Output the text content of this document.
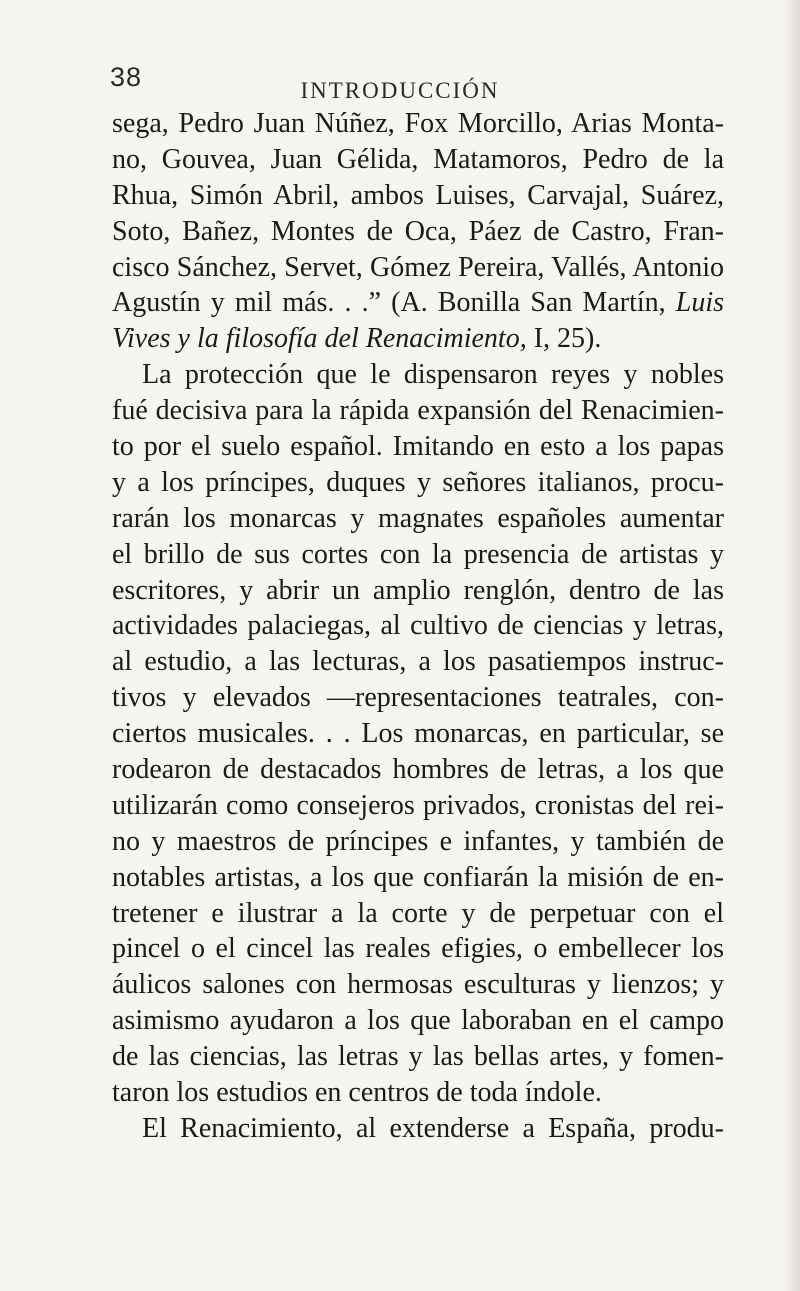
38	INTRODUCCIÓN
sega, Pedro Juan Núñez, Fox Morcillo, Arias Monta-
no, Gouvea, Juan Gélida, Matamoros, Pedro de la
Rhua, Simón Abril, ambos Luises, Carvajal, Suárez,
Soto, Bañez, Montes de Oca, Páez de Castro, Fran-
cisco Sánchez, Servet, Gómez Pereira, Vallés, Antonio
Agustín y mil más. . .” (A. Bonilla San Martín, Luis
Vives y la filosofía del Renacimiento, I, 25).
La protección que le dispensaron reyes y nobles
fué decisiva para la rápida expansión del Renacimien-
to por el suelo español. Imitando en esto a los papas
y a los príncipes, duques y señores italianos, procu-
rarán los monarcas y magnates españoles aumentar
el brillo de sus cortes con la presencia de artistas y
escritores, y abrir un amplio renglón, dentro de las
actividades palaciegas, al cultivo de ciencias y letras,
al estudio, a las lecturas, a los pasatiempos instruc-
tivos y elevados —representaciones teatrales, con-
ciertos musicales. . . Los monarcas, en particular, se
rodearon de destacados hombres de letras, a los que
utilizarán como consejeros privados, cronistas del rei-
no y maestros de príncipes e infantes, y también de
notables artistas, a los que confiarán la misión de en-
tretener e ilustrar a la corte y de perpetuar con el
pincel o el cincel las reales efigies, o embellecer los
áulicos salones con hermosas esculturas y lienzos; y
asimismo ayudaron a los que laboraban en el campo
de las ciencias, las letras y las bellas artes, y fomen-
taron los estudios en centros de toda índole.
El Renacimiento, al extenderse a España, produ-
